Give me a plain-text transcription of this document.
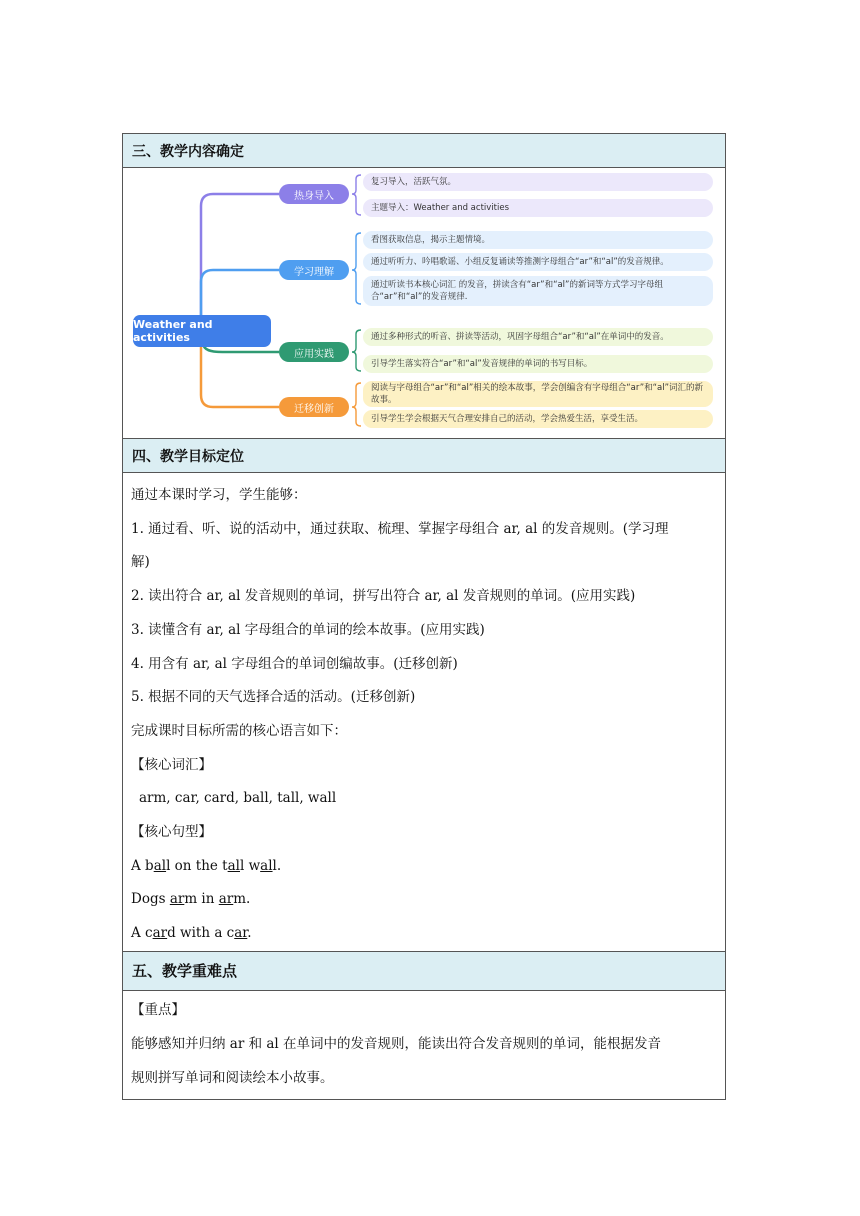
三、教学内容确定
Weather and activities
热身导入
复习导入，活跃气氛。
主题导入：Weather and activities
学习理解
看图获取信息，揭示主题情境。
通过听听力、吟唱歌谣、小组反复诵读等推测字母组合“ar”和“al”的发音规律。
通过听读书本核心词汇 的发音，拼读含有“ar”和“al”的新词等方式学习字母组合“ar”和“al”的发音规律.
应用实践
通过多种形式的听音、拼读等活动，巩固字母组合“ar”和“al”在单词中的发音。
引导学生落实符合“ar”和“al”发音规律的单词的书写目标。
迁移创新
阅读与字母组合“ar”和“al”相关的绘本故事，学会创编含有字母组合“ar”和“al”词汇的新故事。
引导学生学会根据天气合理安排自己的活动，学会热爱生活，享受生活。
四、教学目标定位

通过本课时学习，学生能够：

1. 通过看、听、说的活动中，通过获取、梳理、掌握字母组合 ar, al 的发音规则。(学习理

解)

2. 读出符合 ar, al 发音规则的单词，拼写出符合 ar, al 发音规则的单词。(应用实践)

3. 读懂含有 ar, al 字母组合的单词的绘本故事。(应用实践)

4. 用含有 ar, al 字母组合的单词创编故事。(迁移创新)

5. 根据不同的天气选择合适的活动。(迁移创新)

完成课时目标所需的核心语言如下：

【核心词汇】

arm, car, card, ball, tall, wall

【核心句型】

A ball on the tall wall.

Dogs arm in arm.

A card with a car.

五、教学重难点

【重点】

能够感知并归纳 ar 和 al 在单词中的发音规则，能读出符合发音规则的单词，能根据发音

规则拼写单词和阅读绘本小故事。
